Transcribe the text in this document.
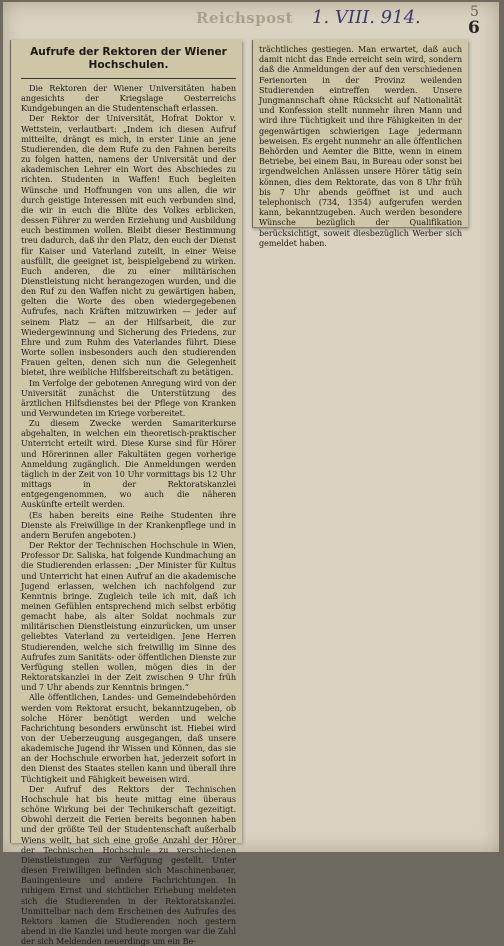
Reichspost 1. VIII. 914.	5
6
Aufrufe der Rektoren der Wiener Hochschulen.

Die Rektoren der Wiener Universitäten haben angesichts der Kriegslage Oesterreichs Kundgebungen an die Studentenschaft erlassen.

Der Rektor der Universität, Hofrat Doktor v. Wettstein, verlautbart: „Indem ich diesen Aufruf mitteilte, drängt es mich, in erster Linie an jene Studierenden, die dem Rufe zu den Fahnen bereits zu folgen hatten, namens der Universität und der akademischen Lehrer ein Wort des Abschiedes zu richten. Studenten in Waffen! Euch begleiten Wünsche und Hoffnungen von uns allen, die wir durch geistige Interessen mit euch verbunden sind, die wir in euch die Blüte des Volkes erblicken, dessen Führer zu werden Erziehung und Ausbildung euch bestimmen wollen. Bleibt dieser Bestimmung treu dadurch, daß ihr den Platz, den euch der Dienst für Kaiser und Vaterland zuteilt, in einer Weise ausfüllt, die geeignet ist, beispielgebend zu wirken. Euch anderen, die zu einer militärischen Dienstleistung nicht herangezogen wurden, und die den Ruf zu den Waffen nicht zu gewärtigen haben, gelten die Worte des oben wiedergegebenen Aufrufes, nach Kräften mitzuwirken — jeder auf seinem Platz — an der Hilfsarbeit, die zur Wiedergewinnung und Sicherung des Friedens, zur Ehre und zum Ruhm des Vaterlandes führt. Diese Worte sollen insbesonders auch den studierenden Frauen gelten, denen sich nun die Gelegenheit bietet, ihre weibliche Hilfsbereitschaft zu betätigen.

Im Verfolge der gebotenen Anregung wird von der Universität zunächst die Unterstützung des ärztlichen Hilfsdienstes bei der Pflege von Kranken und Verwundeten im Kriege vorbereitet.

Zu diesem Zwecke werden Samariterkurse abgehalten, in welchen ein theoretisch-praktischer Unterricht erteilt wird. Diese Kurse sind für Hörer und Hörerinnen aller Fakultäten gegen vorherige Anmeldung zugänglich. Die Anmeldungen werden täglich in der Zeit von 10 Uhr vormittags bis 12 Uhr mittags in der Rektoratskanzlei entgegengenommen, wo auch die näheren Auskünfte erteilt werden.

(Es haben bereits eine Reihe Studenten ihre Dienste als Freiwillige in der Krankenpflege und in andern Berufen angeboten.)

Der Rektor der Technischen Hochschule in Wien, Professor Dr. Saliska, hat folgende Kundmachung an die Studierenden erlassen: „Der Minister für Kultus und Unterricht hat einen Aufruf an die akademische Jugend erlassen, welchen ich nachfolgend zur Kenntnis bringe. Zugleich teile ich mit, daß ich meinen Gefühlen entsprechend mich selbst erbötig gemacht habe, als alter Soldat nochmals zur militärischen Dienstleistung einzurücken, um unser geliebtes Vaterland zu verteidigen. Jene Herren Studierenden, welche sich freiwillig im Sinne des Aufrufes zum Sanitäts- oder öffentlichen Dienste zur Verfügung stellen wollen, mögen dies in der Rektoratskanzlei in der Zeit zwischen 9 Uhr früh und 7 Uhr abends zur Kenntnis bringen.“

Alle öffentlichen, Landes- und Gemeindebehörden werden vom Rektorat ersucht, bekanntzugeben, ob solche Hörer benötigt werden und welche Fachrichtung besonders erwünscht ist. Hiebei wird von der Ueberzeugung ausgegangen, daß unsere akademische Jugend ihr Wissen und Können, das sie an der Hochschule erworben hat, jederzeit sofort in den Dienst des Staates stellen kann und überall ihre Tüchtigkeit und Fähigkeit beweisen wird.

Der Aufruf des Rektors der Technischen Hochschule hat bis heute mittag eine überaus schöne Wirkung bei der Technikerschaft gezeitigt. Obwohl derzeit die Ferien bereits begonnen haben und der größte Teil der Studentenschaft außerhalb Wiens weilt, hat sich eine große Anzahl der Hörer der Technischen Hochschule zu verschiedenen Dienstleistungen zur Verfügung gestellt. Unter diesen Freiwilligen befinden sich Maschinenbauer, Bauingenieure und andere Fachrichtungen. In ruhigem Ernst und sichtlicher Erhebung meldeten sich die Studierenden in der Rektoratskanzlei. Unmittelbar nach dem Erscheinen des Aufrufes des Rektors kamen die Studierenden noch gestern abend in die Kanzlei und heute morgen war die Zahl der sich Meldenden neuerdings um ein Be-

trächtliches gestiegen. Man erwartet, daß auch damit nicht das Ende erreicht sein wird, sondern daß die Anmeldungen der auf den verschiedenen Ferienorten in der Provinz weilenden Studierenden eintreffen werden. Unsere Jungmannschaft ohne Rücksicht auf Nationalität und Konfession stellt nunmehr ihren Mann und wird ihre Tüchtigkeit und ihre Fähigkeiten in der gegenwärtigen schwierigen Lage jedermann beweisen. Es ergeht nunmehr an alle öffentlichen Behörden und Aemter die Bitte, wenn in einem Betriebe, bei einem Bau, in Bureau oder sonst bei irgendwelchen Anlässen unsere Hörer tätig sein können, dies dem Rektorate, das von 8 Uhr früh bis 7 Uhr abends geöffnet ist und auch telephonisch (734, 1354) aufgerufen werden kann, bekanntzugeben. Auch werden besondere Wünsche bezüglich der Qualifikation berücksichtigt, soweit diesbezüglich Werber sich gemeldet haben.
